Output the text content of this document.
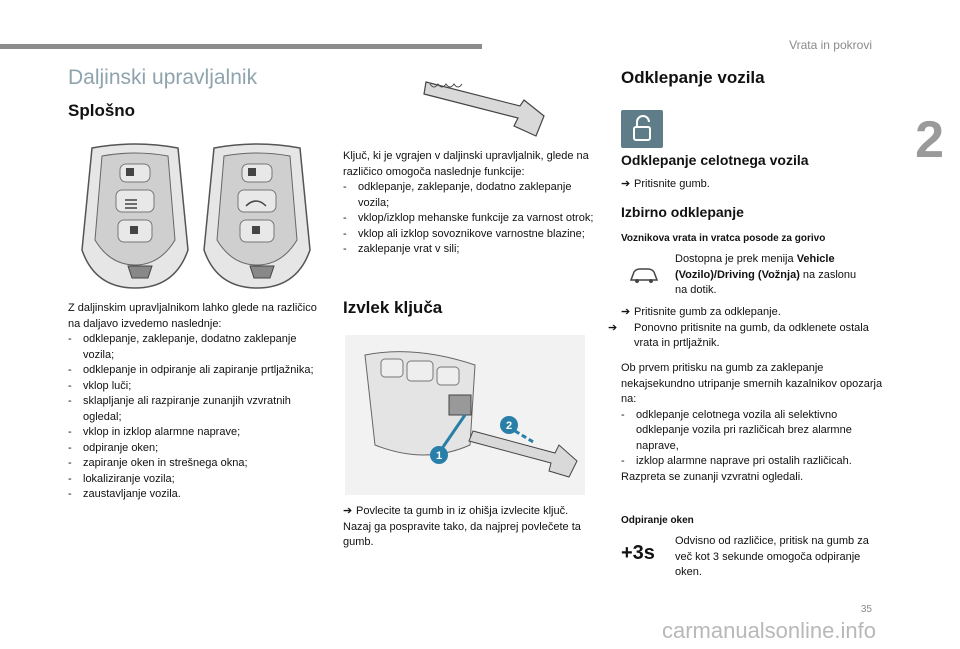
Vrata in pokrovi
2
35
carmanualsonline.info
Daljinski upravljalnik
Splošno

Z daljinskim upravljalnikom lahko glede na različico na daljavo izvedemo naslednje:

- odklepanje, zaklepanje, dodatno zaklepanje vozila;
- odklepanje in odpiranje ali zapiranje prtljažnika;
- vklop luči;
- sklapljanje ali razpiranje zunanjih vzvratnih ogledal;
- vklop in izklop alarmne naprave;
- odpiranje oken;
- zapiranje oken in strešnega okna;
- lokaliziranje vozila;
- zaustavljanje vozila.

Ključ, ki je vgrajen v daljinski upravljalnik, glede na različico omogoča naslednje funkcije:

- odklepanje, zaklepanje, dodatno zaklepanje vozila;
- vklop/izklop mehanske funkcije za varnost otrok;
- vklop ali izklop sovoznikove varnostne blazine;
- zaklepanje vrat v sili;
Izvlek ključa
1
2

➔ Povlecite ta gumb in iz ohišja izvlecite ključ.

Nazaj ga pospravite tako, da najprej povlečete ta gumb.

Odklepanje vozila
Odklepanje celotnega vozila

➔ Pritisnite gumb.

Izbirno odklepanje
Voznikova vrata in vratca posode za gorivo

Dostopna je prek menija Vehicle (Vozilo)/Driving (Vožnja) na zaslonu na dotik.

➔ Pritisnite gumb za odklepanje.

➔ Ponovno pritisnite na gumb, da odklenete ostala vrata in prtljažnik.

Ob prvem pritisku na gumb za zaklepanje nekajsekundno utripanje smernih kazalnikov opozarja na:

- odklepanje celotnega vozila ali selektivno odklepanje vozila pri različicah brez alarmne naprave,
- izklop alarmne naprave pri ostalih različicah.

Razpreta se zunanji vzvratni ogledali.

Odpiranje oken
+3s
Odvisno od različice, pritisk na gumb za več kot 3 sekunde omogoča odpiranje oken.
